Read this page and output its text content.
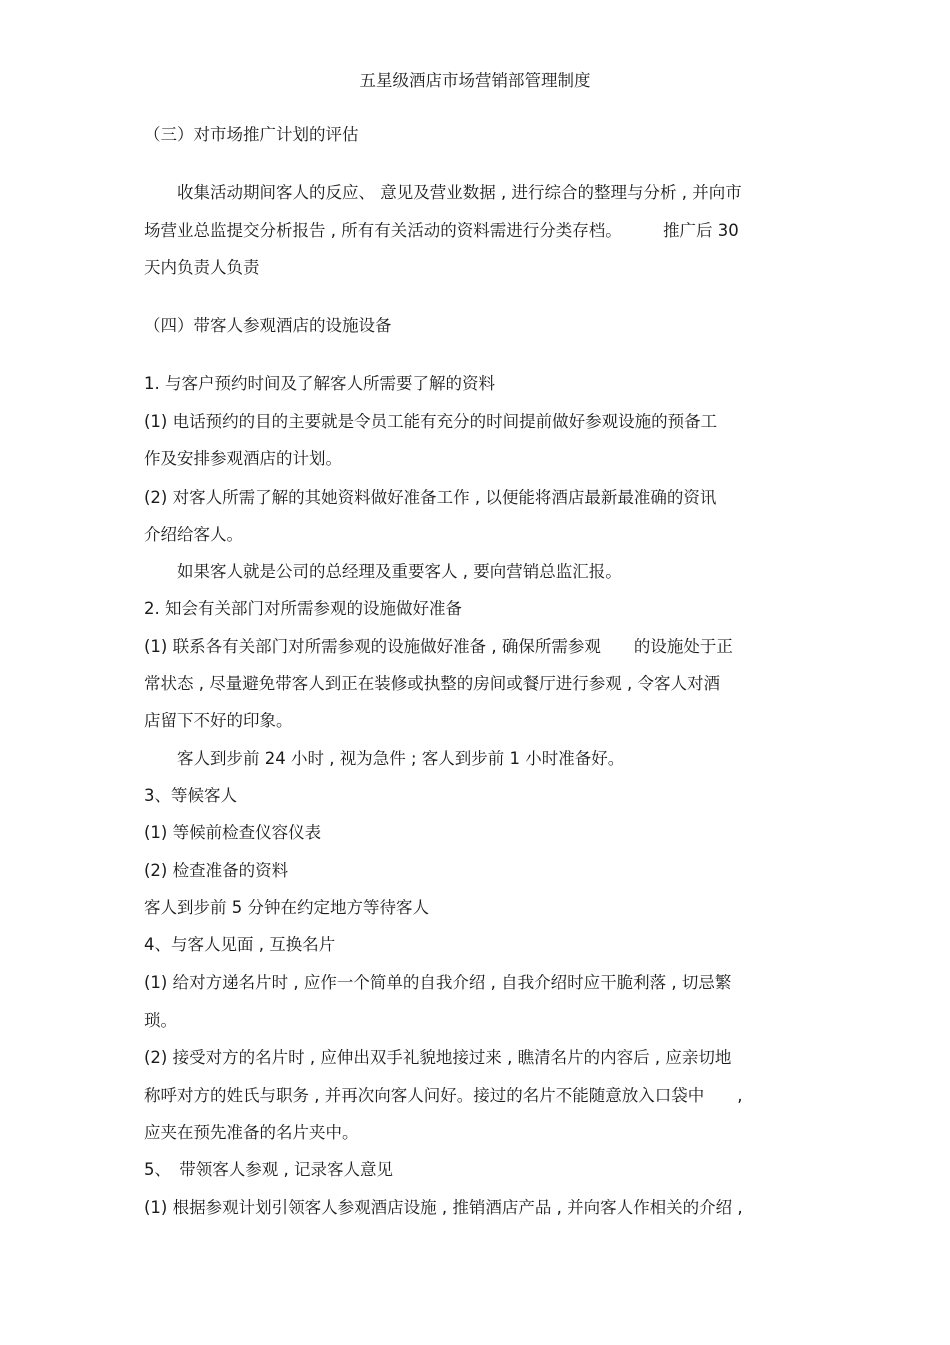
五星级酒店市场营销部管理制度

（三）对市场推广计划的评估

　　收集活动期间客人的反应、 意见及营业数据 , 进行综合的整理与分析 , 并向市

场营业总监提交分析报告 , 所有有关活动的资料需进行分类存档。　　　推广后 30

天内负责人负责

（四）带客人参观酒店的设施设备

1. 与客户预约时间及了解客人所需要了解的资料

(1) 电话预约的目的主要就是令员工能有充分的时间提前做好参观设施的预备工

作及安排参观酒店的计划。

(2) 对客人所需了解的其她资料做好准备工作 , 以便能将酒店最新最准确的资讯

介绍给客人。

　　如果客人就是公司的总经理及重要客人 , 要向营销总监汇报。

2. 知会有关部门对所需参观的设施做好准备

(1) 联系各有关部门对所需参观的设施做好准备 , 确保所需参观　　的设施处于正

常状态 , 尽量避免带客人到正在装修或执整的房间或餐厅进行参观 , 令客人对酒

店留下不好的印象。

　　客人到步前 24 小时 , 视为急件 ; 客人到步前 1 小时准备好。

3、等候客人

(1) 等候前检查仪容仪表

(2) 检查准备的资料

客人到步前 5 分钟在约定地方等待客人

4、与客人见面 , 互换名片

(1) 给对方递名片时 , 应作一个简单的自我介绍 , 自我介绍时应干脆利落 , 切忌繁

琐。

(2) 接受对方的名片时 , 应伸出双手礼貌地接过来 , 瞧清名片的内容后 , 应亲切地

称呼对方的姓氏与职务 , 并再次向客人问好。接过的名片不能随意放入口袋中　　,

应夹在预先准备的名片夹中。

5、　带领客人参观 , 记录客人意见

(1) 根据参观计划引领客人参观酒店设施 , 推销酒店产品 , 并向客人作相关的介绍 ,
